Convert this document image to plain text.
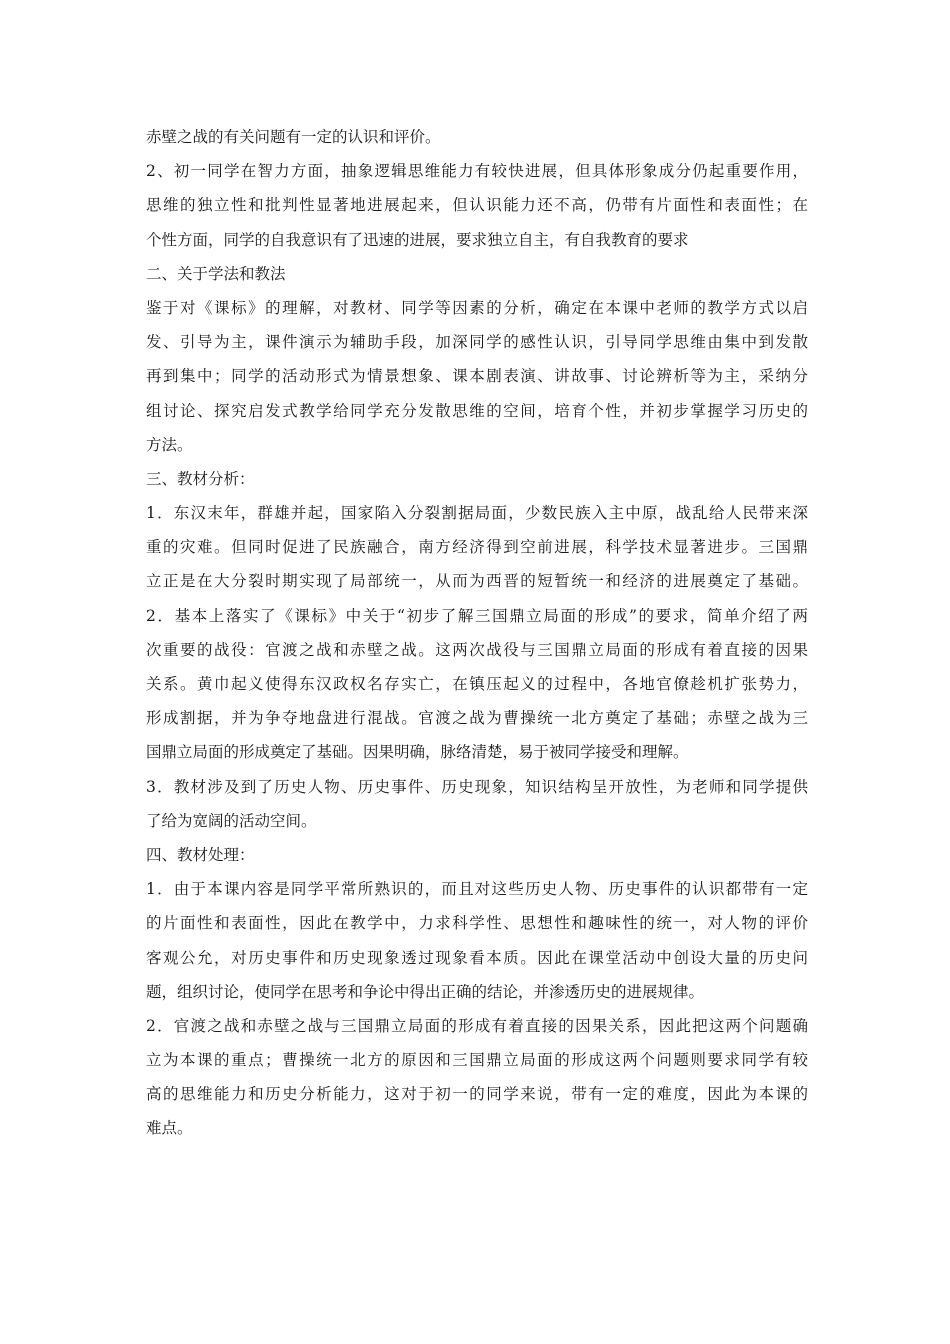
赤壁之战的有关问题有一定的认识和评价。
2、初一同学在智力方面，抽象逻辑思维能力有较快进展，但具体形象成分仍起重要作用，
思维的独立性和批判性显著地进展起来，但认识能力还不高，仍带有片面性和表面性；在
个性方面，同学的自我意识有了迅速的进展，要求独立自主，有自我教育的要求
二、关于学法和教法
鉴于对《课标》的理解，对教材、同学等因素的分析，确定在本课中老师的教学方式以启
发、引导为主，课件演示为辅助手段，加深同学的感性认识，引导同学思维由集中到发散
再到集中；同学的活动形式为情景想象、课本剧表演、讲故事、讨论辨析等为主，采纳分
组讨论、探究启发式教学给同学充分发散思维的空间，培育个性，并初步掌握学习历史的
方法。
三、教材分析：
1．东汉末年，群雄并起，国家陷入分裂割据局面，少数民族入主中原，战乱给人民带来深
重的灾难。但同时促进了民族融合，南方经济得到空前进展，科学技术显著进步。三国鼎
立正是在大分裂时期实现了局部统一，从而为西晋的短暂统一和经济的进展奠定了基础。
2．基本上落实了《课标》中关于“初步了解三国鼎立局面的形成”的要求，简单介绍了两
次重要的战役：官渡之战和赤壁之战。这两次战役与三国鼎立局面的形成有着直接的因果
关系。黄巾起义使得东汉政权名存实亡，在镇压起义的过程中，各地官僚趁机扩张势力，
形成割据，并为争夺地盘进行混战。官渡之战为曹操统一北方奠定了基础；赤壁之战为三
国鼎立局面的形成奠定了基础。因果明确，脉络清楚，易于被同学接受和理解。
3．教材涉及到了历史人物、历史事件、历史现象，知识结构呈开放性，为老师和同学提供
了给为宽阔的活动空间。
四、教材处理：
1．由于本课内容是同学平常所熟识的，而且对这些历史人物、历史事件的认识都带有一定
的片面性和表面性，因此在教学中，力求科学性、思想性和趣味性的统一，对人物的评价
客观公允，对历史事件和历史现象透过现象看本质。因此在课堂活动中创设大量的历史问
题，组织讨论，使同学在思考和争论中得出正确的结论，并渗透历史的进展规律。
2．官渡之战和赤壁之战与三国鼎立局面的形成有着直接的因果关系，因此把这两个问题确
立为本课的重点；曹操统一北方的原因和三国鼎立局面的形成这两个问题则要求同学有较
高的思维能力和历史分析能力，这对于初一的同学来说，带有一定的难度，因此为本课的
难点。
